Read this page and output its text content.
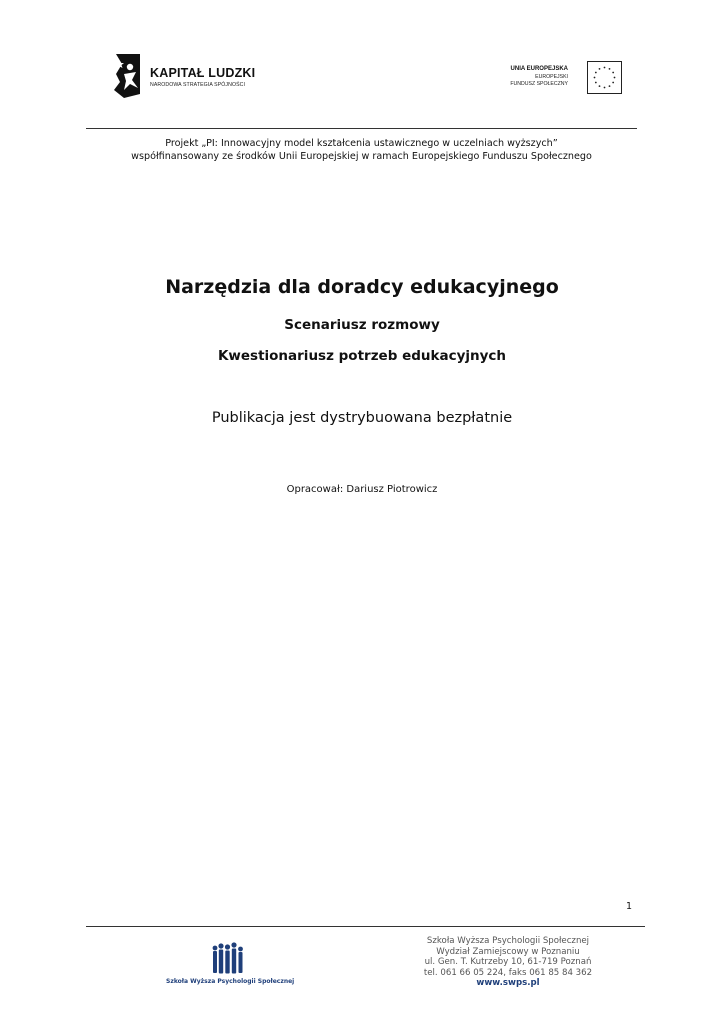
KAPITAŁ LUDZKI
NARODOWA STRATEGIA SPÓJNOŚCI
UNIA EUROPEJSKA
EUROPEJSKI
FUNDUSZ SPOŁECZNY
Projekt „PI: Innowacyjny model kształcenia ustawicznego w uczelniach wyższych”
współfinansowany ze środków Unii Europejskiej w ramach Europejskiego Funduszu Społecznego
Narzędzia dla doradcy edukacyjnego
Scenariusz rozmowy
Kwestionariusz potrzeb edukacyjnych
Publikacja jest dystrybuowana bezpłatnie
Opracował: Dariusz Piotrowicz
1
Szkoła Wyższa Psychologii Społecznej
Szkoła Wyższa Psychologii Społecznej
Wydział Zamiejscowy w Poznaniu
ul. Gen. T. Kutrzeby 10, 61-719 Poznań
tel. 061 66 05 224, faks 061 85 84 362
www.swps.pl
